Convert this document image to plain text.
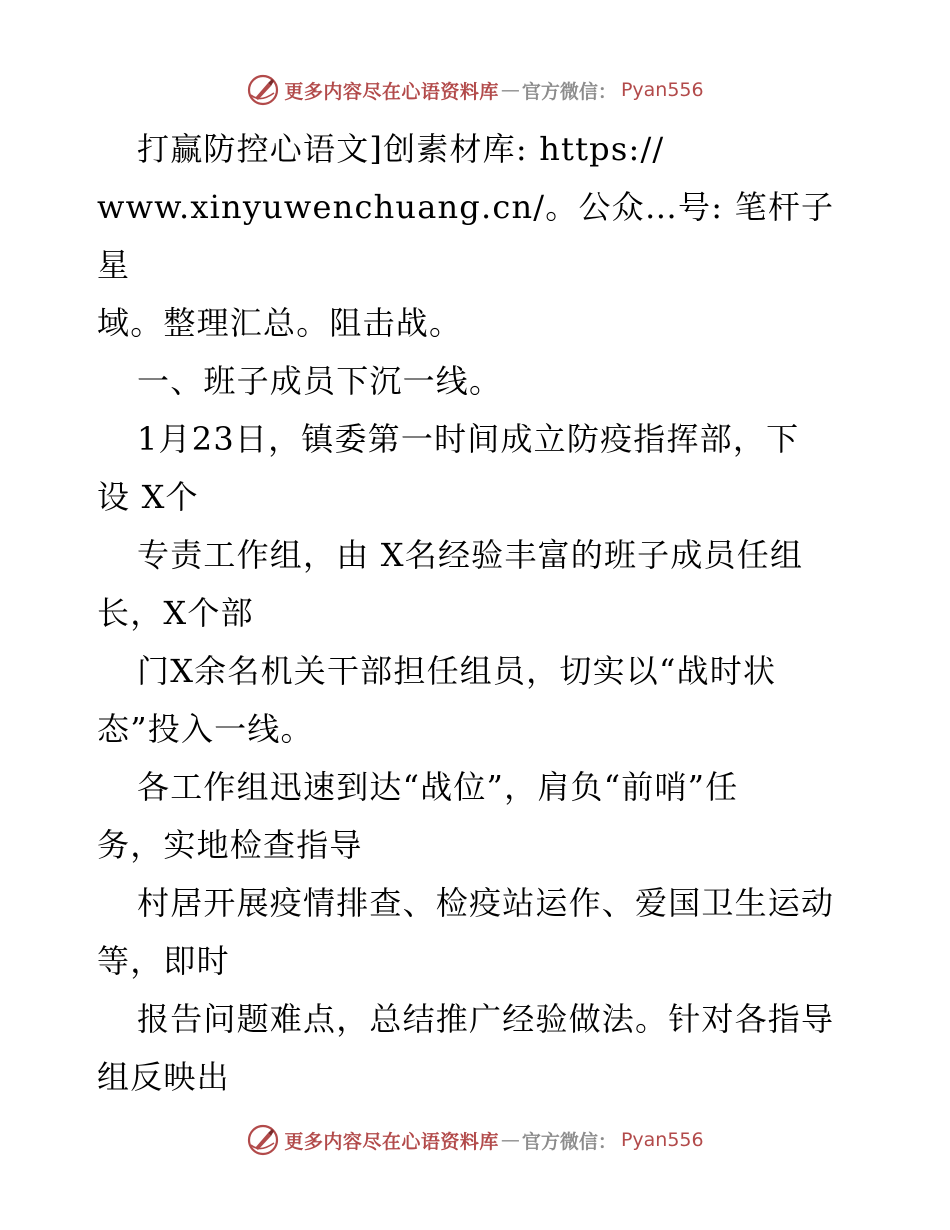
更多内容尽在心语资料库 — 官方微信： Pyan556

打赢防控心语文]创素材库: https://

www.xinyuwenchuang.cn/。公众…号: 笔杆子星

域。整理汇总。阻击战。

一、班子成员下沉一线。

1月23日，镇委第一时间成立防疫指挥部，下

设 X个

专责工作组，由 X名经验丰富的班子成员任组

长，X个部

门X余名机关干部担任组员，切实以“战时状

态”投入一线。

各工作组迅速到达“战位”，肩负“前哨”任

务，实地检查指导

村居开展疫情排查、检疫站运作、爱国卫生运动

等，即时

报告问题难点，总结推广经验做法。针对各指导

组反映出

更多内容尽在心语资料库 — 官方微信： Pyan556
